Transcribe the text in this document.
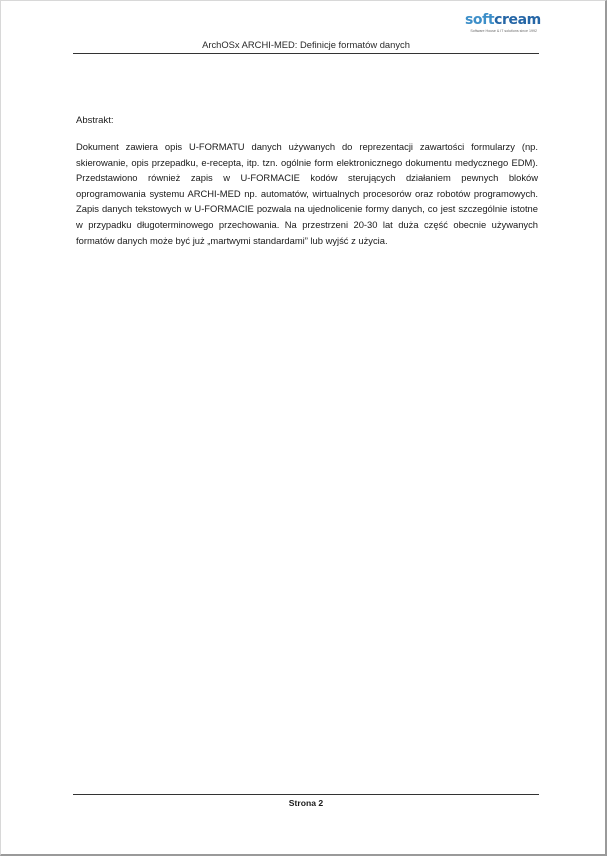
softcream
Software House & IT solutions since 1992
ArchOSx ARCHI-MED: Definicje formatów danych
Abstrakt:

Dokument zawiera opis U-FORMATU danych używanych do reprezentacji zawartości formularzy (np. skierowanie, opis przepadku, e-recepta, itp. tzn. ogólnie form elektronicznego dokumentu medycznego EDM). Przedstawiono również zapis w U-FORMACIE kodów sterujących działaniem pewnych bloków oprogramowania systemu ARCHI-MED np. automatów, wirtualnych procesorów oraz robotów programowych. Zapis danych tekstowych w U-FORMACIE pozwala na ujednolicenie formy danych, co jest szczególnie istotne w przypadku długoterminowego przechowania. Na przestrzeni 20-30 lat duża część obecnie używanych formatów danych może być już „martwymi standardami” lub wyjść z użycia.

Strona 2
